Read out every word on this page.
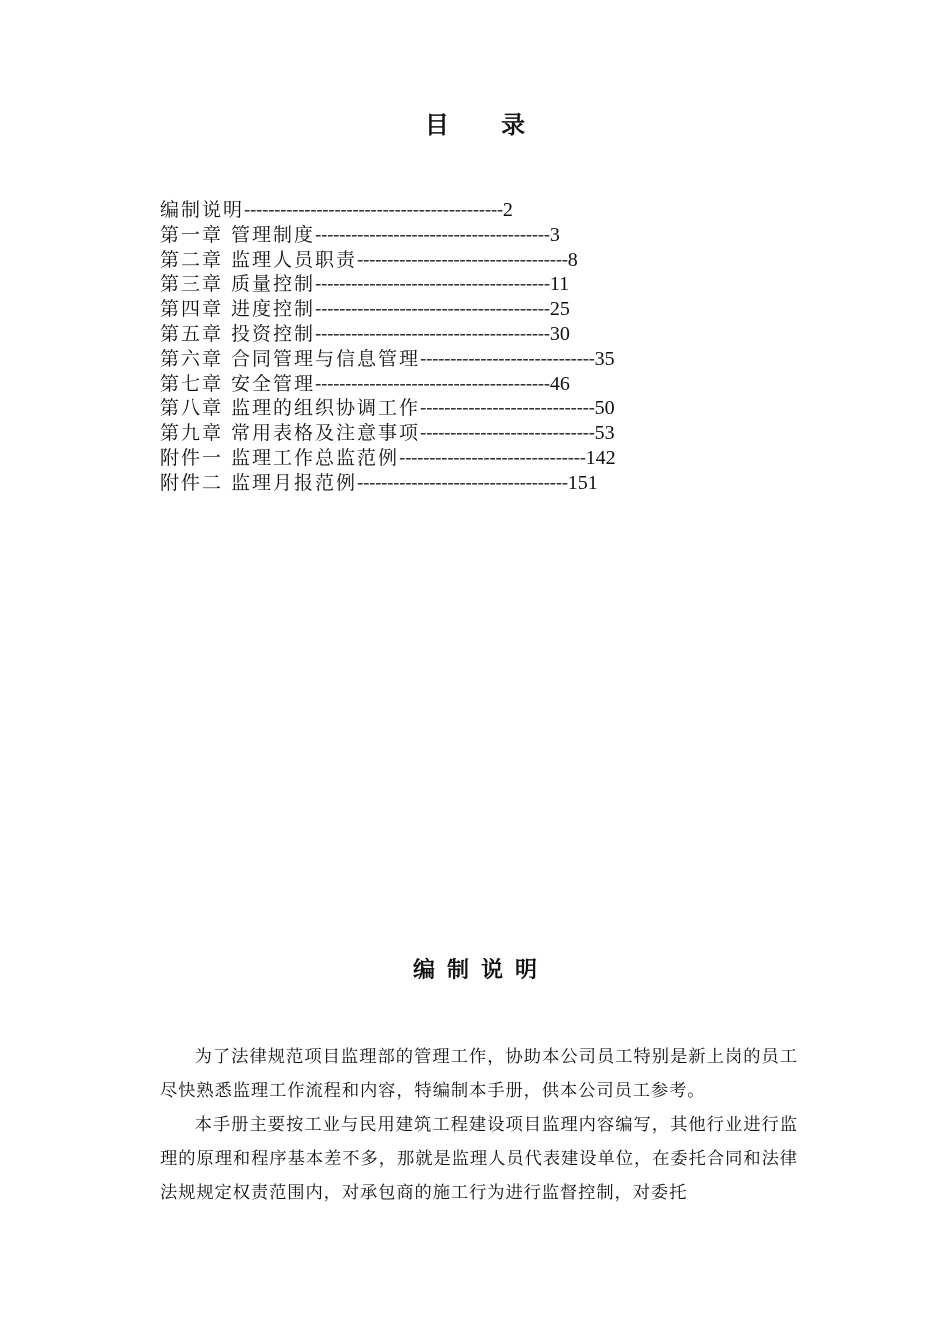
目 录
编制说明 ------------------------------------------- 2
第一章 管理制度 --------------------------------------- 3
第二章 监理人员职责 ----------------------------------- 8
第三章 质量控制 --------------------------------------- 11
第四章 进度控制 --------------------------------------- 25
第五章 投资控制 --------------------------------------- 30
第六章 合同管理与信息管理 ----------------------------- 35
第七章 安全管理 --------------------------------------- 46
第八章 监理的组织协调工作 ----------------------------- 50
第九章 常用表格及注意事项 ----------------------------- 53
附件一 监理工作总监范例 ------------------------------- 142
附件二 监理月报范例 ----------------------------------- 151
编制说明

为了法律规范项目监理部的管理工作，协助本公司员工特别是新上岗的员工尽快熟悉监理工作流程和内容，特编制本手册，供本公司员工参考。

本手册主要按工业与民用建筑工程建设项目监理内容编写，其他行业进行监理的原理和程序基本差不多，那就是监理人员代表建设单位，在委托合同和法律法规规定权责范围内，对承包商的施工行为进行监督控制，对委托
